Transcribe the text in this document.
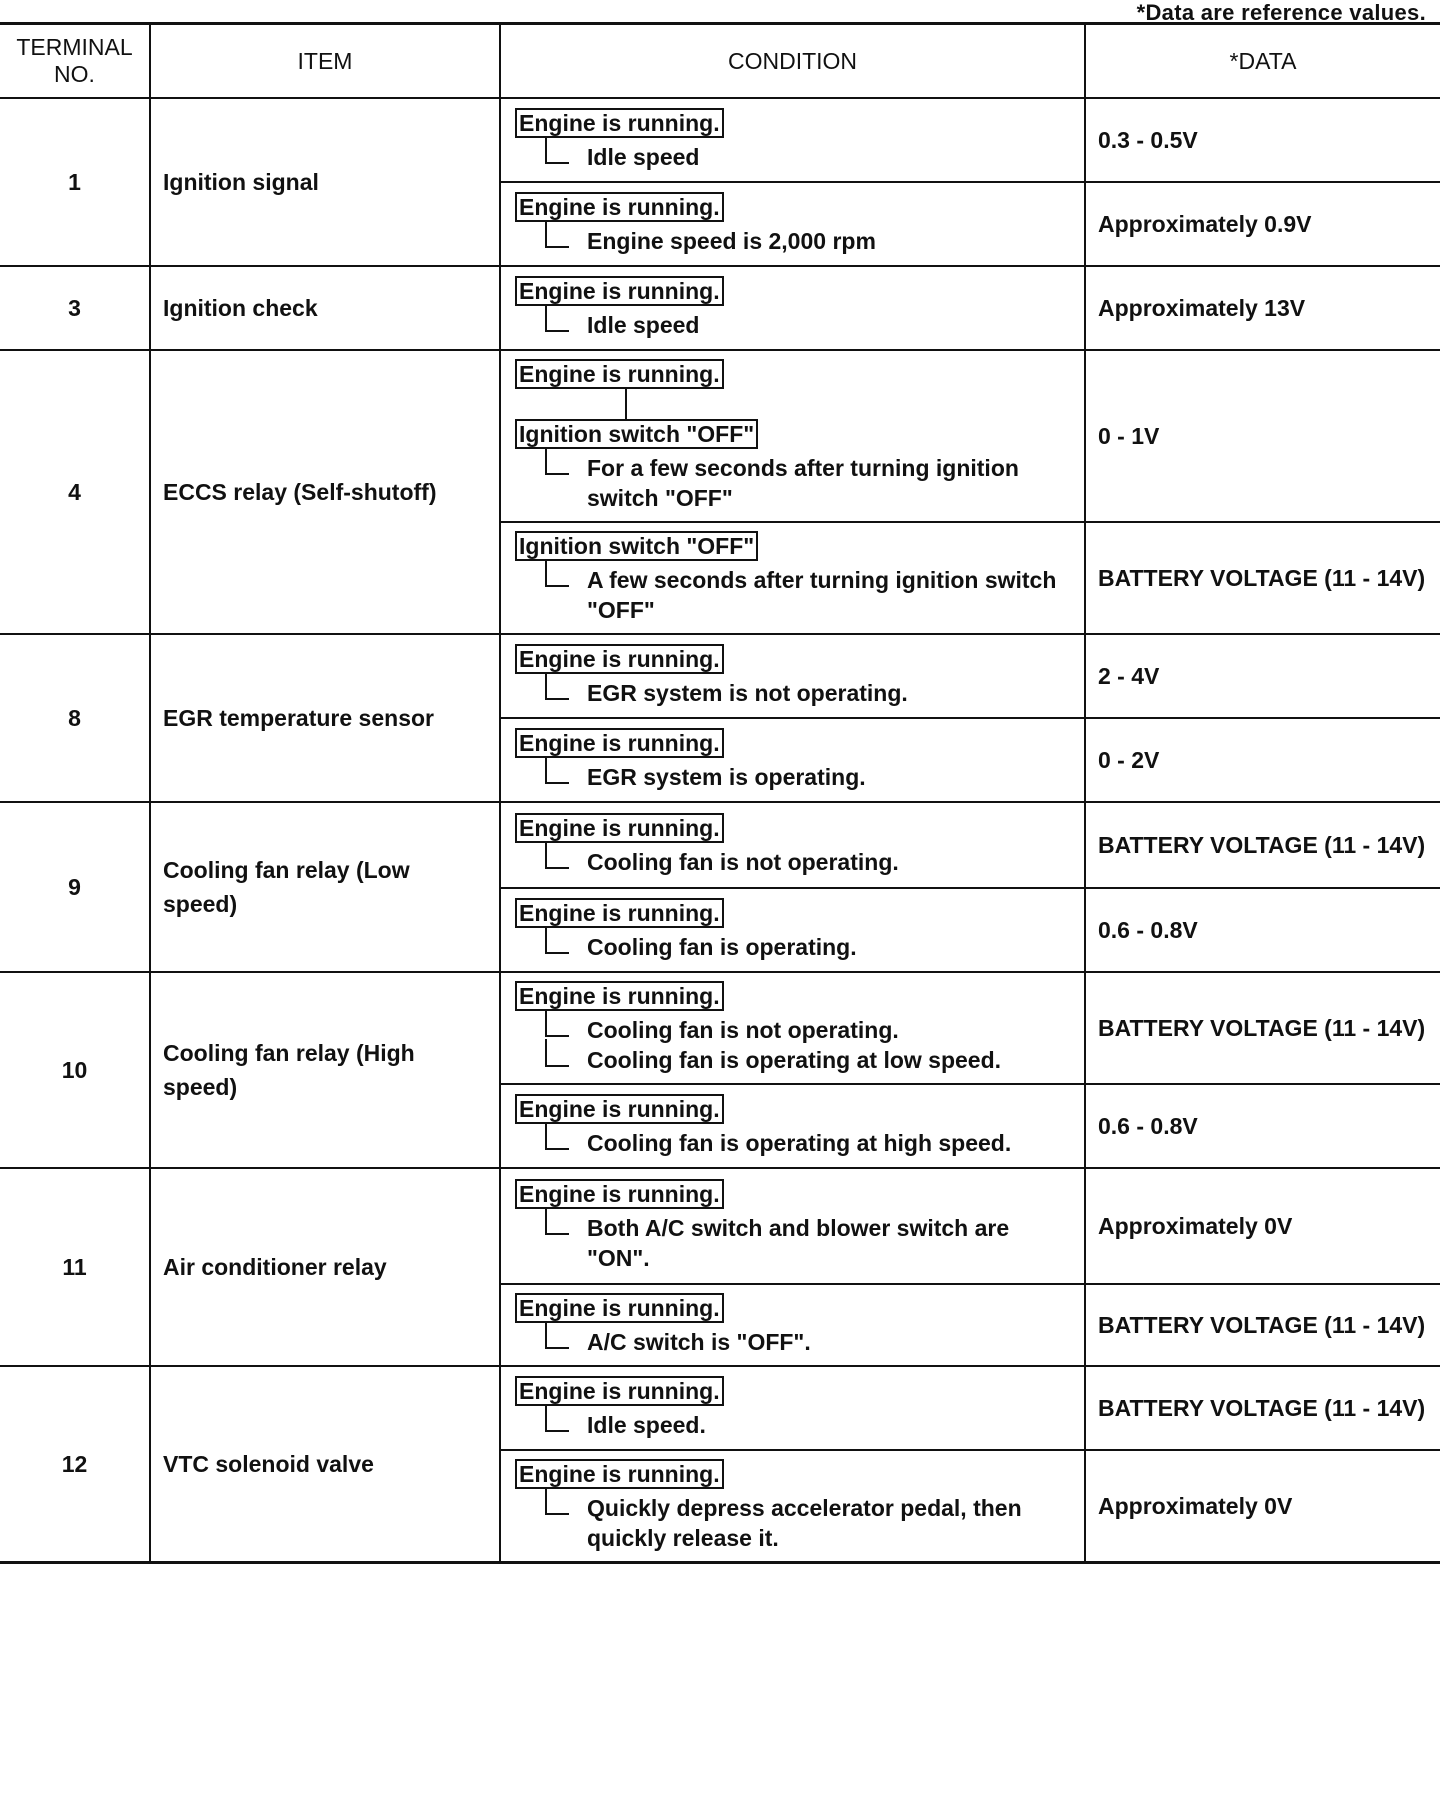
*Data are reference values.
TERMINAL NO.	ITEM	CONDITION	*DATA
1	Ignition signal	Engine is running.
Idle speed	0.3 - 0.5V
		Engine is running.
Engine speed is 2,000 rpm	Approximately 0.9V
3	Ignition check	Engine is running.
Idle speed	Approximately 13V
4	ECCS relay (Self-shutoff)	Engine is running.
Ignition switch "OFF"
For a few seconds after turning ignition switch "OFF"	0 - 1V
		Ignition switch "OFF"
A few seconds after turning ignition switch "OFF"	BATTERY VOLTAGE (11 - 14V)
8	EGR temperature sensor	Engine is running.
EGR system is not operating.	2 - 4V
		Engine is running.
EGR system is operating.	0 - 2V
9	Cooling fan relay (Low speed)	Engine is running.
Cooling fan is not operating.	BATTERY VOLTAGE (11 - 14V)
		Engine is running.
Cooling fan is operating.	0.6 - 0.8V
10	Cooling fan relay (High speed)	Engine is running.
Cooling fan is not operating.
Cooling fan is operating at low speed.	BATTERY VOLTAGE (11 - 14V)
		Engine is running.
Cooling fan is operating at high speed.	0.6 - 0.8V
11	Air conditioner relay	Engine is running.
Both A/C switch and blower switch are "ON".	Approximately 0V
		Engine is running.
A/C switch is "OFF".	BATTERY VOLTAGE (11 - 14V)
12	VTC solenoid valve	Engine is running.
Idle speed.	BATTERY VOLTAGE (11 - 14V)
		Engine is running.
Quickly depress accelerator pedal, then quickly release it.	Approximately 0V
